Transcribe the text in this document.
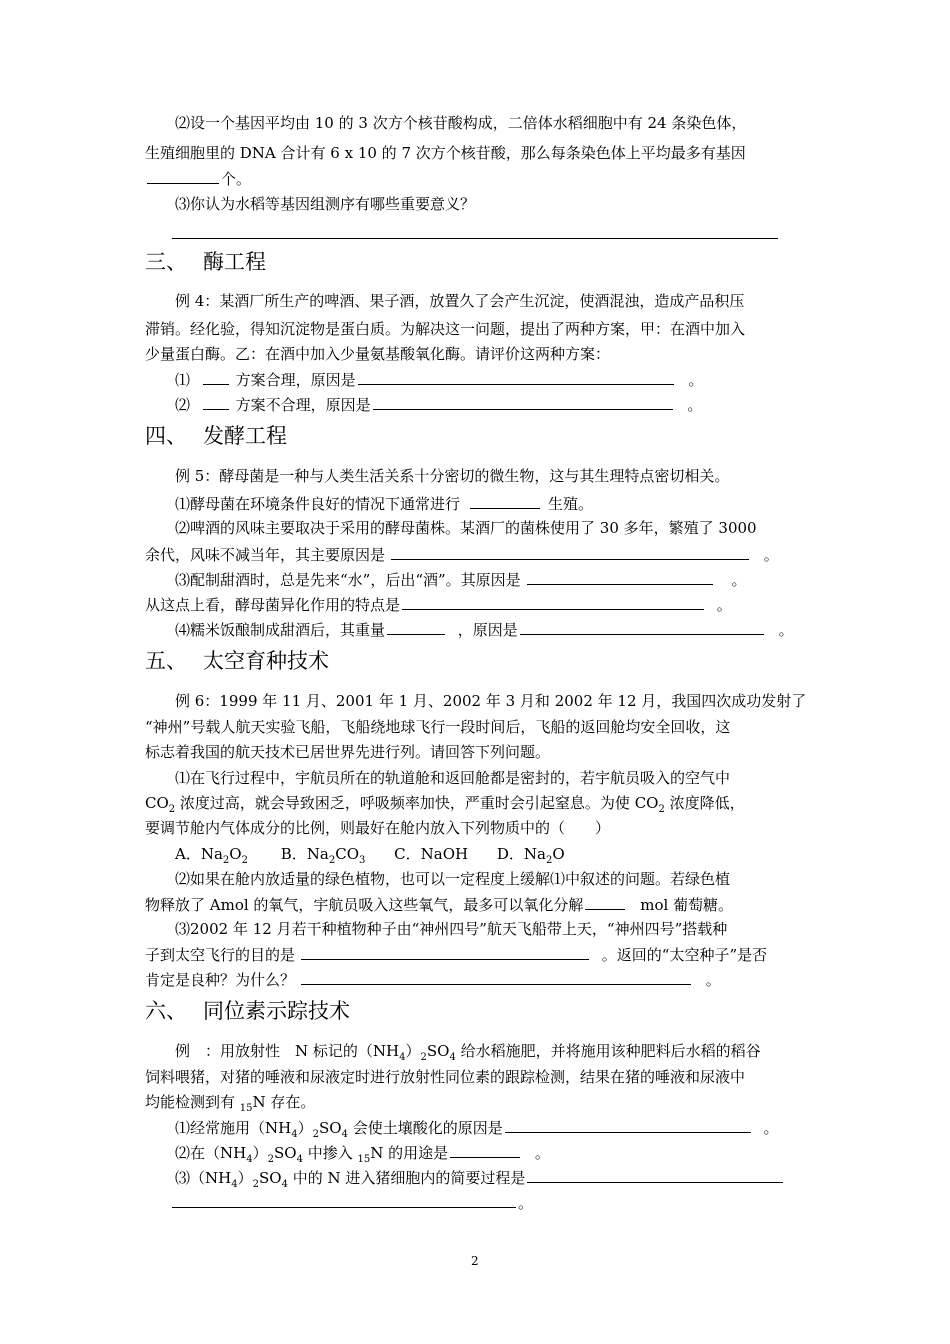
⑵设一个基因平均由 10 的 3 次方个核苷酸构成，二倍体水稻细胞中有 24 条染色体，
生殖细胞里的 DNA 合计有 6 x 10 的 7 次方个核苷酸，那么每条染色体上平均最多有基因
个。
⑶你认为水稻等基因组测序有哪些重要意义？
三、 酶工程
例 4：某酒厂所生产的啤酒、果子酒，放置久了会产生沉淀，使酒混浊，造成产品积压
滞销。经化验，得知沉淀物是蛋白质。为解决这一问题，提出了两种方案，甲：在酒中加入
少量蛋白酶。乙：在酒中加入少量氨基酸氧化酶。请评价这两种方案：
⑴	方案合理，原因是	。
⑵	方案不合理，原因是	。
四、 发酵工程
例 5：酵母菌是一种与人类生活关系十分密切的微生物，这与其生理特点密切相关。
⑴酵母菌在环境条件良好的情况下通常进行	生殖。
⑵啤酒的风味主要取决于采用的酵母菌株。某酒厂的菌株使用了 30 多年，繁殖了 3000
余代，风味不减当年，其主要原因是	。
⑶配制甜酒时，总是先来“水”，后出“酒”。其原因是	。
从这点上看，酵母菌异化作用的特点是	。
⑷糯米饭酿制成甜酒后，其重量	，原因是	。
五、 太空育种技术
例 6：1999 年 11 月、2001 年 1 月、2002 年 3 月和 2002 年 12 月，我国四次成功发射了
“神州”号载人航天实验飞船，飞船绕地球飞行一段时间后，飞船的返回舱均安全回收，这
标志着我国的航天技术已居世界先进行列。请回答下列问题。
⑴在飞行过程中，宇航员所在的轨道舱和返回舱都是密封的，若宇航员吸入的空气中
$CO_2$ 浓度过高，就会导致困乏，呼吸频率加快，严重时会引起窒息。为使 $CO_2$ 浓度降低，
要调节舱内气体成分的比例，则最好在舱内放入下列物质中的（　　）
A．$Na_2O_2$ B．$Na_2CO_3$ C．NaOH D．$Na_2O$
⑵如果在舱内放适量的绿色植物，也可以一定程度上缓解⑴中叙述的问题。若绿色植
物释放了 Amol 的氧气，宇航员吸入这些氧气，最多可以氧化分解	mol 葡萄糖。
⑶2002 年 12 月若干种植物种子由“神州四号”航天飞船带上天，“神州四号”搭载种
子到太空飞行的目的是	。返回的“太空种子”是否
肯定是良种？为什么？	。
六、 同位素示踪技术
例　：用放射性　N 标记的$(NH_4)_2SO_4$ 给水稻施肥，并将施用该种肥料后水稻的稻谷
饲料喂猪，对猪的唾液和尿液定时进行放射性同位素的跟踪检测，结果在猪的唾液和尿液中
均能检测到有 $_{15}$N 存在。
⑴经常施用$(NH_4)_2SO_4$ 会使土壤酸化的原因是	。
⑵在$(NH_4)_2SO_4$ 中掺入 $_{15}$N 的用途是	。
$⑶(NH_4)_2SO_4$ 中的 N 进入猪细胞内的简要过程是
。
2
